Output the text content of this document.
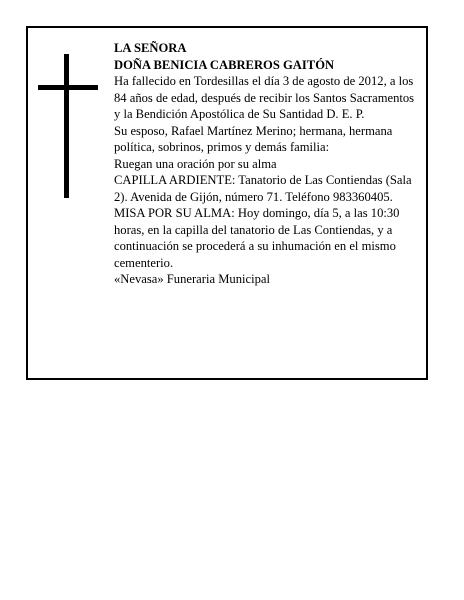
LA SEÑORA

DOÑA BENICIA CABREROS GAITÓN

Ha fallecido en Tordesillas el día 3 de agosto de 2012, a los 84 años de edad, después de recibir los Santos Sacramentos y la Bendición Apostólica de Su Santidad D. E. P.

Su esposo, Rafael Martínez Merino; hermana, hermana política, sobrinos, primos y demás familia:

Ruegan una oración por su alma

CAPILLA ARDIENTE: Tanatorio de Las Contiendas (Sala 2). Avenida de Gijón, número 71. Teléfono 983360405.

MISA POR SU ALMA: Hoy domingo, día 5, a las 10:30 horas, en la capilla del tanatorio de Las Contiendas, y a continuación se procederá a su inhumación en el mismo cementerio.

«Nevasa» Funeraria Municipal
